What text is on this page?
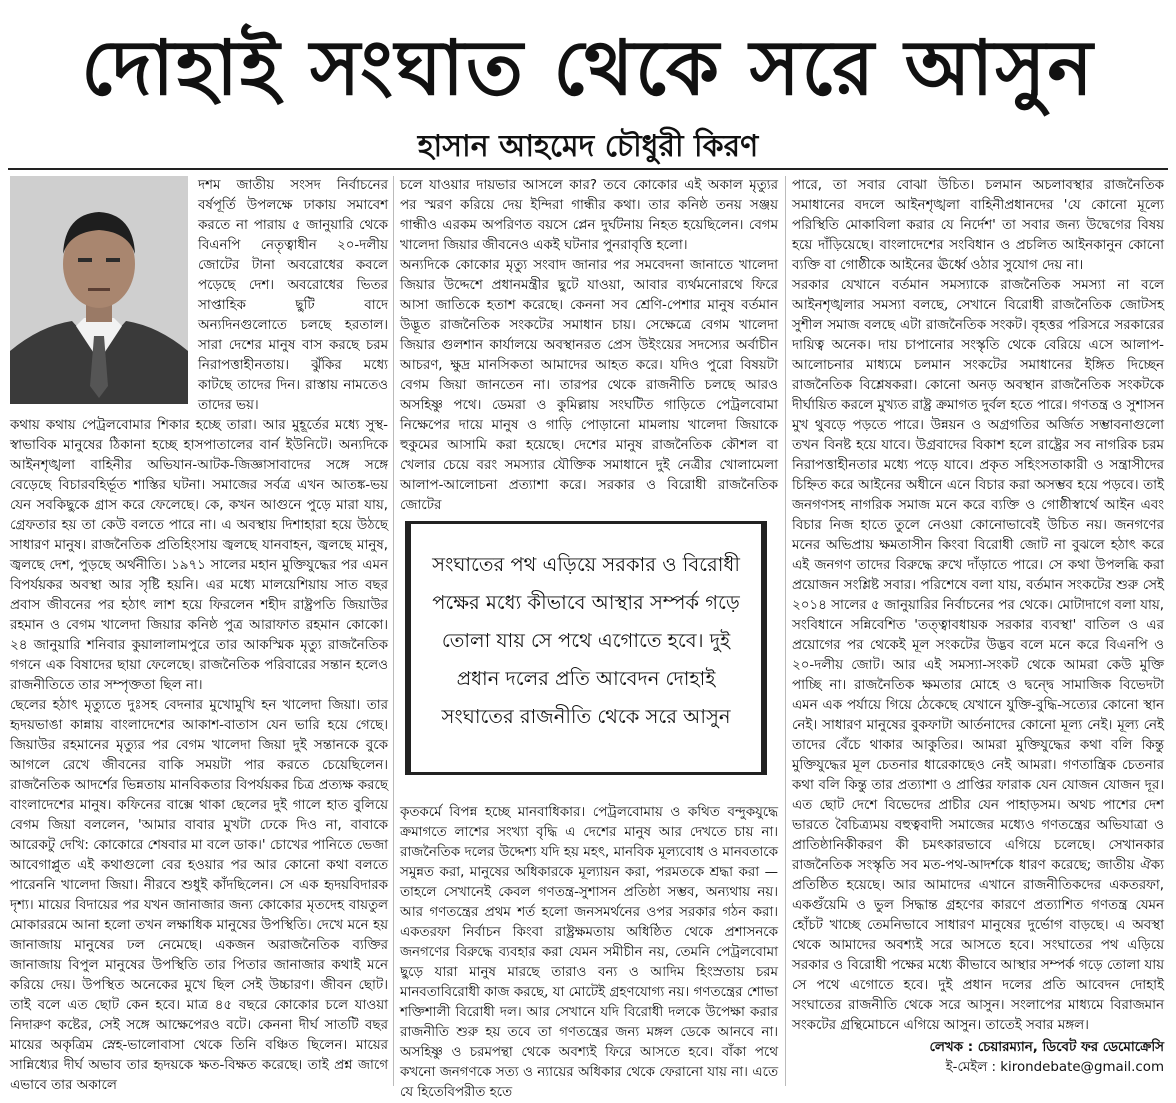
দোহাই সংঘাত থেকে সরে আসুন
হাসান আহমেদ চৌধুরী কিরণ

দশম জাতীয় সংসদ নির্বাচনের বর্ষপূর্তি উপলক্ষে ঢাকায় সমাবেশ করতে না পারায় ৫ জানুয়ারি থেকে বিএনপি নেতৃত্বাধীন ২০-দলীয় জোটের টানা অবরোধের কবলে পড়েছে দেশ। অবরোধের ভিতর সাপ্তাহিক ছুটি বাদে অন্যদিনগুলোতে চলছে হরতাল। সারা দেশের মানুষ বাস করছে চরম নিরাপত্তাহীনতায়। ঝুঁকির মধ্যে কাটছে তাদের দিন। রাস্তায় নামতেও তাদের ভয়।

কথায় কথায় পেট্রলবোমার শিকার হচ্ছে তারা। আর মুহূর্তের মধ্যে সুস্থ-স্বাভাবিক মানুষের ঠিকানা হচ্ছে হাসপাতালের বার্ন ইউনিটে। অন্যদিকে আইনশৃঙ্খলা বাহিনীর অভিযান-আটক-জিজ্ঞাসাবাদের সঙ্গে সঙ্গে বেড়েছে বিচারবহির্ভূত শাস্তির ঘটনা। সমাজের সর্বত্র এখন আতঙ্ক-ভয় যেন সবকিছুকে গ্রাস করে ফেলেছে। কে, কখন আগুনে পুড়ে মারা যায়, গ্রেফতার হয় তা কেউ বলতে পারে না। এ অবস্থায় দিশাহারা হয়ে উঠছে সাধারণ মানুষ। রাজনৈতিক প্রতিহিংসায় জ্বলছে যানবাহন, জ্বলছে মানুষ, জ্বলছে দেশ, পুড়ছে অর্থনীতি। ১৯৭১ সালের মহান মুক্তিযুদ্ধের পর এমন বিপর্যয়কর অবস্থা আর সৃষ্টি হয়নি। এর মধ্যে মালয়েশিয়ায় সাত বছর প্রবাস জীবনের পর হঠাৎ লাশ হয়ে ফিরলেন শহীদ রাষ্ট্রপতি জিয়াউর রহমান ও বেগম খালেদা জিয়ার কনিষ্ঠ পুত্র আরাফাত রহমান কোকো। ২৪ জানুয়ারি শনিবার কুয়ালালামপুরে তার আকস্মিক মৃত্যু রাজনৈতিক গগনে এক বিষাদের ছায়া ফেলেছে। রাজনৈতিক পরিবারের সন্তান হলেও রাজনীতিতে তার সম্পৃক্ততা ছিল না।

ছেলের হঠাৎ মৃত্যুতে দুঃসহ বেদনার মুখোমুখি হন খালেদা জিয়া। তার হৃদয়ভাঙা কান্নায় বাংলাদেশের আকাশ-বাতাস যেন ভারি হয়ে গেছে। জিয়াউর রহমানের মৃত্যুর পর বেগম খালেদা জিয়া দুই সন্তানকে বুকে আগলে রেখে জীবনের বাকি সময়টা পার করতে চেয়েছিলেন। রাজনৈতিক আদর্শের ভিন্নতায় মানবিকতার বিপর্যয়কর চিত্র প্রত্যক্ষ করছে বাংলাদেশের মানুষ। কফিনের বাক্সে থাকা ছেলের দুই গালে হাত বুলিয়ে বেগম জিয়া বললেন, 'আমার বাবার মুখটা ঢেকে দিও না, বাবাকে আরেকটু দেখি: কোকোরে শেষবার মা বলে ডাক।' চোখের পানিতে ভেজা আবেগাপ্লুত এই কথাগুলো বের হওয়ার পর আর কোনো কথা বলতে পারেননি খালেদা জিয়া। নীরবে শুধুই কাঁদছিলেন। সে এক হৃদয়বিদারক দৃশ্য। মায়ের বিদায়ের পর যখন জানাজার জন্য কোকোর মৃতদেহ বায়তুল মোকাররমে আনা হলো তখন লক্ষাধিক মানুষের উপস্থিতি। দেখে মনে হয় জানাজায় মানুষের ঢল নেমেছে। একজন অরাজনৈতিক ব্যক্তির জানাজায় বিপুল মানুষের উপস্থিতি তার পিতার জানাজার কথাই মনে করিয়ে দেয়। উপস্থিত অনেকের মুখে ছিল সেই উচ্চারণ। জীবন ছোট। তাই বলে এত ছোট কেন হবে। মাত্র ৪৫ বছরে কোকোর চলে যাওয়া নিদারুণ কষ্টের, সেই সঙ্গে আক্ষেপেরও বটে। কেননা দীর্ঘ সাতটি বছর মায়ের অকৃত্রিম স্নেহ-ভালোবাসা থেকে তিনি বঞ্চিত ছিলেন। মায়ের সান্নিধ্যের দীর্ঘ অভাব তার হৃদয়কে ক্ষত-বিক্ষত করেছে। তাই প্রশ্ন জাগে এভাবে তার অকালে

চলে যাওয়ার দায়ভার আসলে কার? তবে কোকোর এই অকাল মৃত্যুর পর স্মরণ করিয়ে দেয় ইন্দিরা গান্ধীর কথা। তার কনিষ্ঠ তনয় সঞ্জয় গান্ধীও এরকম অপরিণত বয়সে প্লেন দুর্ঘটনায় নিহত হয়েছিলেন। বেগম খালেদা জিয়ার জীবনেও একই ঘটনার পুনরাবৃত্তি হলো।

অন্যদিকে কোকোর মৃত্যু সংবাদ জানার পর সমবেদনা জানাতে খালেদা জিয়ার উদ্দেশে প্রধানমন্ত্রীর ছুটে যাওয়া, আবার ব্যর্থমনোরথে ফিরে আসা জাতিকে হতাশ করেছে। কেননা সব শ্রেণি-পেশার মানুষ বর্তমান উদ্ভূত রাজনৈতিক সংকটের সমাধান চায়। সেক্ষেত্রে বেগম খালেদা জিয়ার গুলশান কার্যালয়ে অবস্থানরত প্রেস উইংয়ের সদস্যের অর্বাচীন আচরণ, ক্ষুদ্র মানসিকতা আমাদের আহত করে। যদিও পুরো বিষয়টা বেগম জিয়া জানতেন না। তারপর থেকে রাজনীতি চলছে আরও অসহিষ্ণু পথে। ডেমরা ও কুমিল্লায় সংঘটিত গাড়িতে পেট্রলবোমা নিক্ষেপের দায়ে মানুষ ও গাড়ি পোড়ানো মামলায় খালেদা জিয়াকে হুকুমের আসামি করা হয়েছে। দেশের মানুষ রাজনৈতিক কৌশল বা খেলার চেয়ে বরং সমস্যার যৌক্তিক সমাধানে দুই নেত্রীর খোলামেলা আলাপ-আলোচনা প্রত্যাশা করে। সরকার ও বিরোধী রাজনৈতিক জোটের

সংঘাতের পথ এড়িয়ে সরকার ও বিরোধী পক্ষের মধ্যে কীভাবে আস্থার সম্পর্ক গড়ে তোলা যায় সে পথে এগোতে হবে। দুই প্রধান দলের প্রতি আবেদন দোহাই সংঘাতের রাজনীতি থেকে সরে আসুন

কৃতকর্মে বিপন্ন হচ্ছে মানবাধিকার। পেট্রলবোমায় ও কথিত বন্দুকযুদ্ধে ক্রমাগতে লাশের সংখ্যা বৃদ্ধি এ দেশের মানুষ আর দেখতে চায় না। রাজনৈতিক দলের উদ্দেশ্য যদি হয় মহৎ, মানবিক মূল্যবোধ ও মানবতাকে সমুন্নত করা, মানুষের অধিকারকে মূল্যায়ন করা, পরমতকে শ্রদ্ধা করা — তাহলে সেখানেই কেবল গণতন্ত্র-সুশাসন প্রতিষ্ঠা সম্ভব, অন্যথায় নয়। আর গণতন্ত্রের প্রথম শর্ত হলো জনসমর্থনের ওপর সরকার গঠন করা। একতরফা নির্বাচন কিংবা রাষ্ট্রক্ষমতায় অধিষ্ঠিত থেকে প্রশাসনকে জনগণের বিরুদ্ধে ব্যবহার করা যেমন সমীচীন নয়, তেমনি পেট্রলবোমা ছুড়ে যারা মানুষ মারছে তারাও বন্য ও আদিম হিংস্রতায় চরম মানবতাবিরোধী কাজ করছে, যা মোটেই গ্রহণযোগ্য নয়। গণতন্ত্রের শোভা শক্তিশালী বিরোধী দল। আর সেখানে যদি বিরোধী দলকে উপেক্ষা করার রাজনীতি শুরু হয় তবে তা গণতন্ত্রের জন্য মঙ্গল ডেকে আনবে না। অসহিষ্ণু ও চরমপন্থা থেকে অবশ্যই ফিরে আসতে হবে। বাঁকা পথে কখনো জনগণকে সত্য ও ন্যায়ের অধিকার থেকে ফেরানো যায় না। এতে যে হিতেবিপরীত হতে

পারে, তা সবার বোঝা উচিত। চলমান অচলাবস্থার রাজনৈতিক সমাধানের বদলে আইনশৃঙ্খলা বাহিনীপ্রধানদের 'যে কোনো মূল্যে পরিস্থিতি মোকাবিলা করার যে নির্দেশ' তা সবার জন্য উদ্বেগের বিষয় হয়ে দাঁড়িয়েছে। বাংলাদেশের সংবিধান ও প্রচলিত আইনকানুন কোনো ব্যক্তি বা গোষ্ঠীকে আইনের ঊর্ধ্বে ওঠার সুযোগ দেয় না।

সরকার যেখানে বর্তমান সমস্যাকে রাজনৈতিক সমস্যা না বলে আইনশৃঙ্খলার সমস্যা বলছে, সেখানে বিরোধী রাজনৈতিক জোটসহ সুশীল সমাজ বলছে এটা রাজনৈতিক সংকট। বৃহত্তর পরিসরে সরকারের দায়িত্ব অনেক। দায় চাপানোর সংস্কৃতি থেকে বেরিয়ে এসে আলাপ-আলোচনার মাধ্যমে চলমান সংকটের সমাধানের ইঙ্গিত দিচ্ছেন রাজনৈতিক বিশ্লেষকরা। কোনো অনড় অবস্থান রাজনৈতিক সংকটকে দীর্ঘায়িত করলে মুখ্যত রাষ্ট্র ক্রমাগত দুর্বল হতে পারে। গণতন্ত্র ও সুশাসন মুখ থুবড়ে পড়তে পারে। উন্নয়ন ও অগ্রগতির অর্জিত সম্ভাবনাগুলো তখন বিনষ্ট হয়ে যাবে। উগ্রবাদের বিকাশ হলে রাষ্ট্রের সব নাগরিক চরম নিরাপত্তাহীনতার মধ্যে পড়ে যাবে। প্রকৃত সহিংসতাকারী ও সন্ত্রাসীদের চিহ্নিত করে আইনের অধীনে এনে বিচার করা অসম্ভব হয়ে পড়বে। তাই জনগণসহ নাগরিক সমাজ মনে করে ব্যক্তি ও গোষ্ঠীস্বার্থে আইন এবং বিচার নিজ হাতে তুলে নেওয়া কোনোভাবেই উচিত নয়। জনগণের মনের অভিপ্রায় ক্ষমতাসীন কিংবা বিরোধী জোট না বুঝলে হঠাৎ করে এই জনগণ তাদের বিরুদ্ধে রুখে দাঁড়াতে পারে। সে কথা উপলব্ধি করা প্রয়োজন সংশ্লিষ্ট সবার। পরিশেষে বলা যায়, বর্তমান সংকটের শুরু সেই ২০১৪ সালের ৫ জানুয়ারির নির্বাচনের পর থেকে। মোটাদাগে বলা যায়, সংবিধানে সন্নিবেশিত 'তত্ত্বাবধায়ক সরকার ব্যবস্থা' বাতিল ও এর প্রয়োগের পর থেকেই মূল সংকটের উদ্ভব বলে মনে করে বিএনপি ও ২০-দলীয় জোট। আর এই সমস্যা-সংকট থেকে আমরা কেউ মুক্তি পাচ্ছি না। রাজনৈতিক ক্ষমতার মোহে ও দ্বন্দ্বে সামাজিক বিভেদটা এমন এক পর্যায়ে গিয়ে ঠেকেছে যেখানে যুক্তি-বুদ্ধি-সত্যের কোনো স্থান নেই। সাধারণ মানুষের বুকফাটা আর্তনাদের কোনো মূল্য নেই। মূল্য নেই তাদের বেঁচে থাকার আকুতির। আমরা মুক্তিযুদ্ধের কথা বলি কিন্তু মুক্তিযুদ্ধের মূল চেতনার ধারেকাছেও নেই আমরা। গণতান্ত্রিক চেতনার কথা বলি কিন্তু তার প্রত্যাশা ও প্রাপ্তির ফারাক যেন যোজন যোজন দূর। এত ছোট দেশে বিভেদের প্রাচীর যেন পাহাড়সম। অথচ পাশের দেশ ভারতে বৈচিত্র্যময় বহুত্ববাদী সমাজের মধ্যেও গণতন্ত্রের অভিযাত্রা ও প্রাতিষ্ঠানিকীকরণ কী চমৎকারভাবে এগিয়ে চলেছে। সেখানকার রাজনৈতিক সংস্কৃতি সব মত-পথ-আদর্শকে ধারণ করেছে; জাতীয় ঐক্য প্রতিষ্ঠিত হয়েছে। আর আমাদের এখানে রাজনীতিকদের একতরফা, একগুঁয়েমি ও ভুল সিদ্ধান্ত গ্রহণের কারণে প্রত্যাশিত গণতন্ত্র যেমন হোঁচট খাচ্ছে তেমনিভাবে সাধারণ মানুষের দুর্ভোগ বাড়ছে। এ অবস্থা থেকে আমাদের অবশ্যই সরে আসতে হবে। সংঘাতের পথ এড়িয়ে সরকার ও বিরোধী পক্ষের মধ্যে কীভাবে আস্থার সম্পর্ক গড়ে তোলা যায় সে পথে এগোতে হবে। দুই প্রধান দলের প্রতি আবেদন দোহাই সংঘাতের রাজনীতি থেকে সরে আসুন। সংলাপের মাধ্যমে বিরাজমান সংকটের গ্রন্থিমোচনে এগিয়ে আসুন। তাতেই সবার মঙ্গল।

লেখক : চেয়ারম্যান, ডিবেট ফর ডেমোক্রেসি
ই-মেইল : kirondebate@gmail.com
